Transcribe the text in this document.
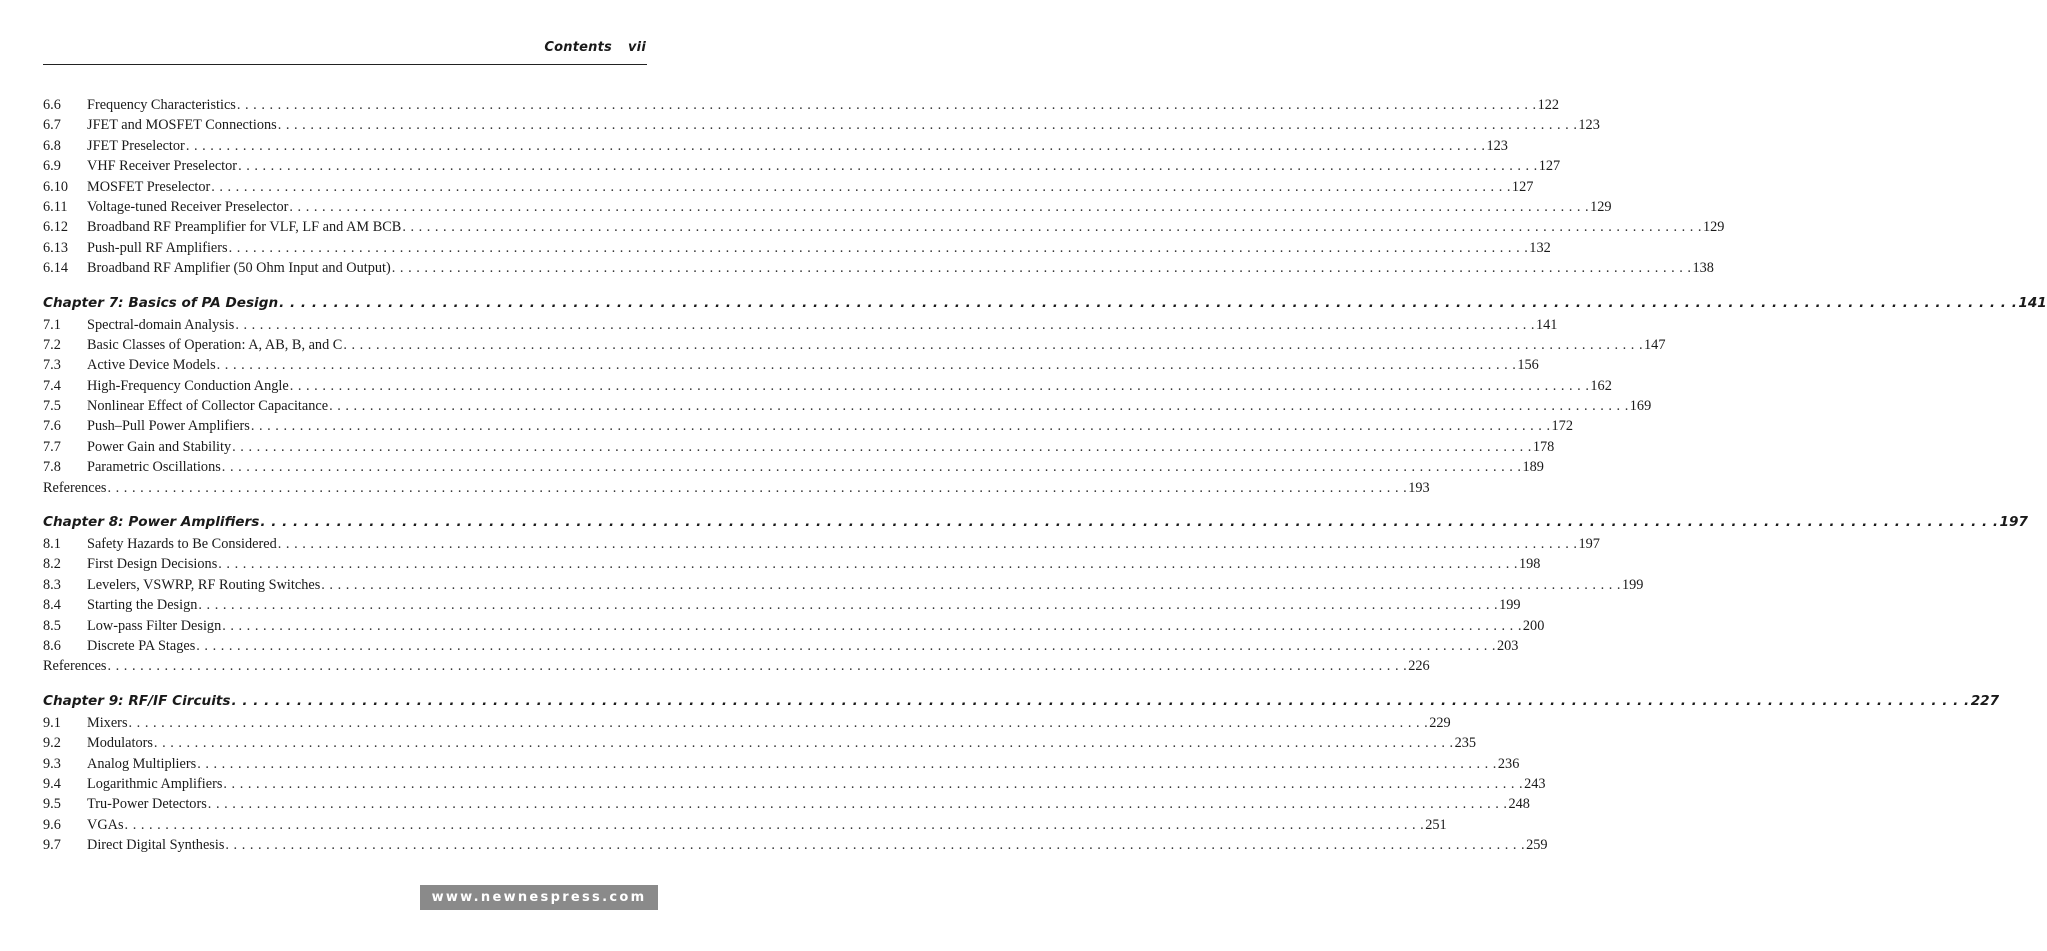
Contents vii
6.6	Frequency Characteristics . . . . . . . . . . . . . . . . . . . . . . . . . . . . . . . . . . . . . . . . . . . . . . . . . . . . . . . . . . . . . . . . . . . . . . . . . . . . . . . . . . . . . . . . . . . . . . . . . . . . . . . . . . . . . . . . . . . . . . . . . . . . . . . . . . . . . . . . . . . . . . . . . . . . . . . . . . . . . . . . 122
6.7	JFET and MOSFET Connections . . . . . . . . . . . . . . . . . . . . . . . . . . . . . . . . . . . . . . . . . . . . . . . . . . . . . . . . . . . . . . . . . . . . . . . . . . . . . . . . . . . . . . . . . . . . . . . . . . . . . . . . . . . . . . . . . . . . . . . . . . . . . . . . . . . . . . . . . . . . . . . . . . . . . . . . . . . . . . . . 123
6.8	JFET Preselector . . . . . . . . . . . . . . . . . . . . . . . . . . . . . . . . . . . . . . . . . . . . . . . . . . . . . . . . . . . . . . . . . . . . . . . . . . . . . . . . . . . . . . . . . . . . . . . . . . . . . . . . . . . . . . . . . . . . . . . . . . . . . . . . . . . . . . . . . . . . . . . . . . . . . . . . . . . . . . . . 123
6.9	VHF Receiver Preselector . . . . . . . . . . . . . . . . . . . . . . . . . . . . . . . . . . . . . . . . . . . . . . . . . . . . . . . . . . . . . . . . . . . . . . . . . . . . . . . . . . . . . . . . . . . . . . . . . . . . . . . . . . . . . . . . . . . . . . . . . . . . . . . . . . . . . . . . . . . . . . . . . . . . . . . . . . . . . . . . 127
6.10	MOSFET Preselector . . . . . . . . . . . . . . . . . . . . . . . . . . . . . . . . . . . . . . . . . . . . . . . . . . . . . . . . . . . . . . . . . . . . . . . . . . . . . . . . . . . . . . . . . . . . . . . . . . . . . . . . . . . . . . . . . . . . . . . . . . . . . . . . . . . . . . . . . . . . . . . . . . . . . . . . . . . . . . . . 127
6.11	Voltage-tuned Receiver Preselector . . . . . . . . . . . . . . . . . . . . . . . . . . . . . . . . . . . . . . . . . . . . . . . . . . . . . . . . . . . . . . . . . . . . . . . . . . . . . . . . . . . . . . . . . . . . . . . . . . . . . . . . . . . . . . . . . . . . . . . . . . . . . . . . . . . . . . . . . . . . . . . . . . . . . . . . . . . . . . . . 129
6.12	Broadband RF Preamplifier for VLF, LF and AM BCB . . . . . . . . . . . . . . . . . . . . . . . . . . . . . . . . . . . . . . . . . . . . . . . . . . . . . . . . . . . . . . . . . . . . . . . . . . . . . . . . . . . . . . . . . . . . . . . . . . . . . . . . . . . . . . . . . . . . . . . . . . . . . . . . . . . . . . . . . . . . . . . . . . . . . . . . . . . . . . . . 129
6.13	Push-pull RF Amplifiers . . . . . . . . . . . . . . . . . . . . . . . . . . . . . . . . . . . . . . . . . . . . . . . . . . . . . . . . . . . . . . . . . . . . . . . . . . . . . . . . . . . . . . . . . . . . . . . . . . . . . . . . . . . . . . . . . . . . . . . . . . . . . . . . . . . . . . . . . . . . . . . . . . . . . . . . . . . . . . . . 132
6.14	Broadband RF Amplifier (50 Ohm Input and Output) . . . . . . . . . . . . . . . . . . . . . . . . . . . . . . . . . . . . . . . . . . . . . . . . . . . . . . . . . . . . . . . . . . . . . . . . . . . . . . . . . . . . . . . . . . . . . . . . . . . . . . . . . . . . . . . . . . . . . . . . . . . . . . . . . . . . . . . . . . . . . . . . . . . . . . . . . . . . . . . . 138
Chapter 7: Basics of PA Design . . . . . . . . . . . . . . . . . . . . . . . . . . . . . . . . . . . . . . . . . . . . . . . . . . . . . . . . . . . . . . . . . . . . . . . . . . . . . . . . . . . . . . . . . . . . . . . . . . . . . . . . . . . . . . . . . . . . . . . . . . . . . . . . . . . . . . . . . . . . . . . . . . . . . . . . . . . . . . . . 141
7.1	Spectral-domain Analysis . . . . . . . . . . . . . . . . . . . . . . . . . . . . . . . . . . . . . . . . . . . . . . . . . . . . . . . . . . . . . . . . . . . . . . . . . . . . . . . . . . . . . . . . . . . . . . . . . . . . . . . . . . . . . . . . . . . . . . . . . . . . . . . . . . . . . . . . . . . . . . . . . . . . . . . . . . . . . . . . 141
7.2	Basic Classes of Operation: A, AB, B, and C . . . . . . . . . . . . . . . . . . . . . . . . . . . . . . . . . . . . . . . . . . . . . . . . . . . . . . . . . . . . . . . . . . . . . . . . . . . . . . . . . . . . . . . . . . . . . . . . . . . . . . . . . . . . . . . . . . . . . . . . . . . . . . . . . . . . . . . . . . . . . . . . . . . . . . . . . . . . . . . . 147
7.3	Active Device Models . . . . . . . . . . . . . . . . . . . . . . . . . . . . . . . . . . . . . . . . . . . . . . . . . . . . . . . . . . . . . . . . . . . . . . . . . . . . . . . . . . . . . . . . . . . . . . . . . . . . . . . . . . . . . . . . . . . . . . . . . . . . . . . . . . . . . . . . . . . . . . . . . . . . . . . . . . . . . . . . 156
7.4	High-Frequency Conduction Angle . . . . . . . . . . . . . . . . . . . . . . . . . . . . . . . . . . . . . . . . . . . . . . . . . . . . . . . . . . . . . . . . . . . . . . . . . . . . . . . . . . . . . . . . . . . . . . . . . . . . . . . . . . . . . . . . . . . . . . . . . . . . . . . . . . . . . . . . . . . . . . . . . . . . . . . . . . . . . . . . 162
7.5	Nonlinear Effect of Collector Capacitance . . . . . . . . . . . . . . . . . . . . . . . . . . . . . . . . . . . . . . . . . . . . . . . . . . . . . . . . . . . . . . . . . . . . . . . . . . . . . . . . . . . . . . . . . . . . . . . . . . . . . . . . . . . . . . . . . . . . . . . . . . . . . . . . . . . . . . . . . . . . . . . . . . . . . . . . . . . . . . . . 169
7.6	Push–Pull Power Amplifiers . . . . . . . . . . . . . . . . . . . . . . . . . . . . . . . . . . . . . . . . . . . . . . . . . . . . . . . . . . . . . . . . . . . . . . . . . . . . . . . . . . . . . . . . . . . . . . . . . . . . . . . . . . . . . . . . . . . . . . . . . . . . . . . . . . . . . . . . . . . . . . . . . . . . . . . . . . . . . . . . 172
7.7	Power Gain and Stability . . . . . . . . . . . . . . . . . . . . . . . . . . . . . . . . . . . . . . . . . . . . . . . . . . . . . . . . . . . . . . . . . . . . . . . . . . . . . . . . . . . . . . . . . . . . . . . . . . . . . . . . . . . . . . . . . . . . . . . . . . . . . . . . . . . . . . . . . . . . . . . . . . . . . . . . . . . . . . . . 178
7.8	Parametric Oscillations . . . . . . . . . . . . . . . . . . . . . . . . . . . . . . . . . . . . . . . . . . . . . . . . . . . . . . . . . . . . . . . . . . . . . . . . . . . . . . . . . . . . . . . . . . . . . . . . . . . . . . . . . . . . . . . . . . . . . . . . . . . . . . . . . . . . . . . . . . . . . . . . . . . . . . . . . . . . . . . . 189
References . . . . . . . . . . . . . . . . . . . . . . . . . . . . . . . . . . . . . . . . . . . . . . . . . . . . . . . . . . . . . . . . . . . . . . . . . . . . . . . . . . . . . . . . . . . . . . . . . . . . . . . . . . . . . . . . . . . . . . . . . . . . . . . . . . . . . . . . . . . . . . . . . . . . . . . . . . . . . . . . 193
Chapter 8: Power Amplifiers . . . . . . . . . . . . . . . . . . . . . . . . . . . . . . . . . . . . . . . . . . . . . . . . . . . . . . . . . . . . . . . . . . . . . . . . . . . . . . . . . . . . . . . . . . . . . . . . . . . . . . . . . . . . . . . . . . . . . . . . . . . . . . . . . . . . . . . . . . . . . . . . . . . . . . . . . . . . . . . . 197
8.1	Safety Hazards to Be Considered . . . . . . . . . . . . . . . . . . . . . . . . . . . . . . . . . . . . . . . . . . . . . . . . . . . . . . . . . . . . . . . . . . . . . . . . . . . . . . . . . . . . . . . . . . . . . . . . . . . . . . . . . . . . . . . . . . . . . . . . . . . . . . . . . . . . . . . . . . . . . . . . . . . . . . . . . . . . . . . . 197
8.2	First Design Decisions . . . . . . . . . . . . . . . . . . . . . . . . . . . . . . . . . . . . . . . . . . . . . . . . . . . . . . . . . . . . . . . . . . . . . . . . . . . . . . . . . . . . . . . . . . . . . . . . . . . . . . . . . . . . . . . . . . . . . . . . . . . . . . . . . . . . . . . . . . . . . . . . . . . . . . . . . . . . . . . . 198
8.3	Levelers, VSWRP, RF Routing Switches . . . . . . . . . . . . . . . . . . . . . . . . . . . . . . . . . . . . . . . . . . . . . . . . . . . . . . . . . . . . . . . . . . . . . . . . . . . . . . . . . . . . . . . . . . . . . . . . . . . . . . . . . . . . . . . . . . . . . . . . . . . . . . . . . . . . . . . . . . . . . . . . . . . . . . . . . . . . . . . . 199
8.4	Starting the Design . . . . . . . . . . . . . . . . . . . . . . . . . . . . . . . . . . . . . . . . . . . . . . . . . . . . . . . . . . . . . . . . . . . . . . . . . . . . . . . . . . . . . . . . . . . . . . . . . . . . . . . . . . . . . . . . . . . . . . . . . . . . . . . . . . . . . . . . . . . . . . . . . . . . . . . . . . . . . . . . 199
8.5	Low-pass Filter Design . . . . . . . . . . . . . . . . . . . . . . . . . . . . . . . . . . . . . . . . . . . . . . . . . . . . . . . . . . . . . . . . . . . . . . . . . . . . . . . . . . . . . . . . . . . . . . . . . . . . . . . . . . . . . . . . . . . . . . . . . . . . . . . . . . . . . . . . . . . . . . . . . . . . . . . . . . . . . . . . 200
8.6	Discrete PA Stages . . . . . . . . . . . . . . . . . . . . . . . . . . . . . . . . . . . . . . . . . . . . . . . . . . . . . . . . . . . . . . . . . . . . . . . . . . . . . . . . . . . . . . . . . . . . . . . . . . . . . . . . . . . . . . . . . . . . . . . . . . . . . . . . . . . . . . . . . . . . . . . . . . . . . . . . . . . . . . . . 203
References . . . . . . . . . . . . . . . . . . . . . . . . . . . . . . . . . . . . . . . . . . . . . . . . . . . . . . . . . . . . . . . . . . . . . . . . . . . . . . . . . . . . . . . . . . . . . . . . . . . . . . . . . . . . . . . . . . . . . . . . . . . . . . . . . . . . . . . . . . . . . . . . . . . . . . . . . . . . . . . . 226
Chapter 9: RF/IF Circuits . . . . . . . . . . . . . . . . . . . . . . . . . . . . . . . . . . . . . . . . . . . . . . . . . . . . . . . . . . . . . . . . . . . . . . . . . . . . . . . . . . . . . . . . . . . . . . . . . . . . . . . . . . . . . . . . . . . . . . . . . . . . . . . . . . . . . . . . . . . . . . . . . . . . . . . . . . . . . . . . 227
9.1	Mixers . . . . . . . . . . . . . . . . . . . . . . . . . . . . . . . . . . . . . . . . . . . . . . . . . . . . . . . . . . . . . . . . . . . . . . . . . . . . . . . . . . . . . . . . . . . . . . . . . . . . . . . . . . . . . . . . . . . . . . . . . . . . . . . . . . . . . . . . . . . . . . . . . . . . . . . . . . . . . . . . 229
9.2	Modulators . . . . . . . . . . . . . . . . . . . . . . . . . . . . . . . . . . . . . . . . . . . . . . . . . . . . . . . . . . . . . . . . . . . . . . . . . . . . . . . . . . . . . . . . . . . . . . . . . . . . . . . . . . . . . . . . . . . . . . . . . . . . . . . . . . . . . . . . . . . . . . . . . . . . . . . . . . . . . . . . 235
9.3	Analog Multipliers . . . . . . . . . . . . . . . . . . . . . . . . . . . . . . . . . . . . . . . . . . . . . . . . . . . . . . . . . . . . . . . . . . . . . . . . . . . . . . . . . . . . . . . . . . . . . . . . . . . . . . . . . . . . . . . . . . . . . . . . . . . . . . . . . . . . . . . . . . . . . . . . . . . . . . . . . . . . . . . . 236
9.4	Logarithmic Amplifiers . . . . . . . . . . . . . . . . . . . . . . . . . . . . . . . . . . . . . . . . . . . . . . . . . . . . . . . . . . . . . . . . . . . . . . . . . . . . . . . . . . . . . . . . . . . . . . . . . . . . . . . . . . . . . . . . . . . . . . . . . . . . . . . . . . . . . . . . . . . . . . . . . . . . . . . . . . . . . . . . 243
9.5	Tru-Power Detectors . . . . . . . . . . . . . . . . . . . . . . . . . . . . . . . . . . . . . . . . . . . . . . . . . . . . . . . . . . . . . . . . . . . . . . . . . . . . . . . . . . . . . . . . . . . . . . . . . . . . . . . . . . . . . . . . . . . . . . . . . . . . . . . . . . . . . . . . . . . . . . . . . . . . . . . . . . . . . . . . 248
9.6	VGAs . . . . . . . . . . . . . . . . . . . . . . . . . . . . . . . . . . . . . . . . . . . . . . . . . . . . . . . . . . . . . . . . . . . . . . . . . . . . . . . . . . . . . . . . . . . . . . . . . . . . . . . . . . . . . . . . . . . . . . . . . . . . . . . . . . . . . . . . . . . . . . . . . . . . . . . . . . . . . . . . 251
9.7	Direct Digital Synthesis . . . . . . . . . . . . . . . . . . . . . . . . . . . . . . . . . . . . . . . . . . . . . . . . . . . . . . . . . . . . . . . . . . . . . . . . . . . . . . . . . . . . . . . . . . . . . . . . . . . . . . . . . . . . . . . . . . . . . . . . . . . . . . . . . . . . . . . . . . . . . . . . . . . . . . . . . . . . . . . . 259
www.newnespress.com
